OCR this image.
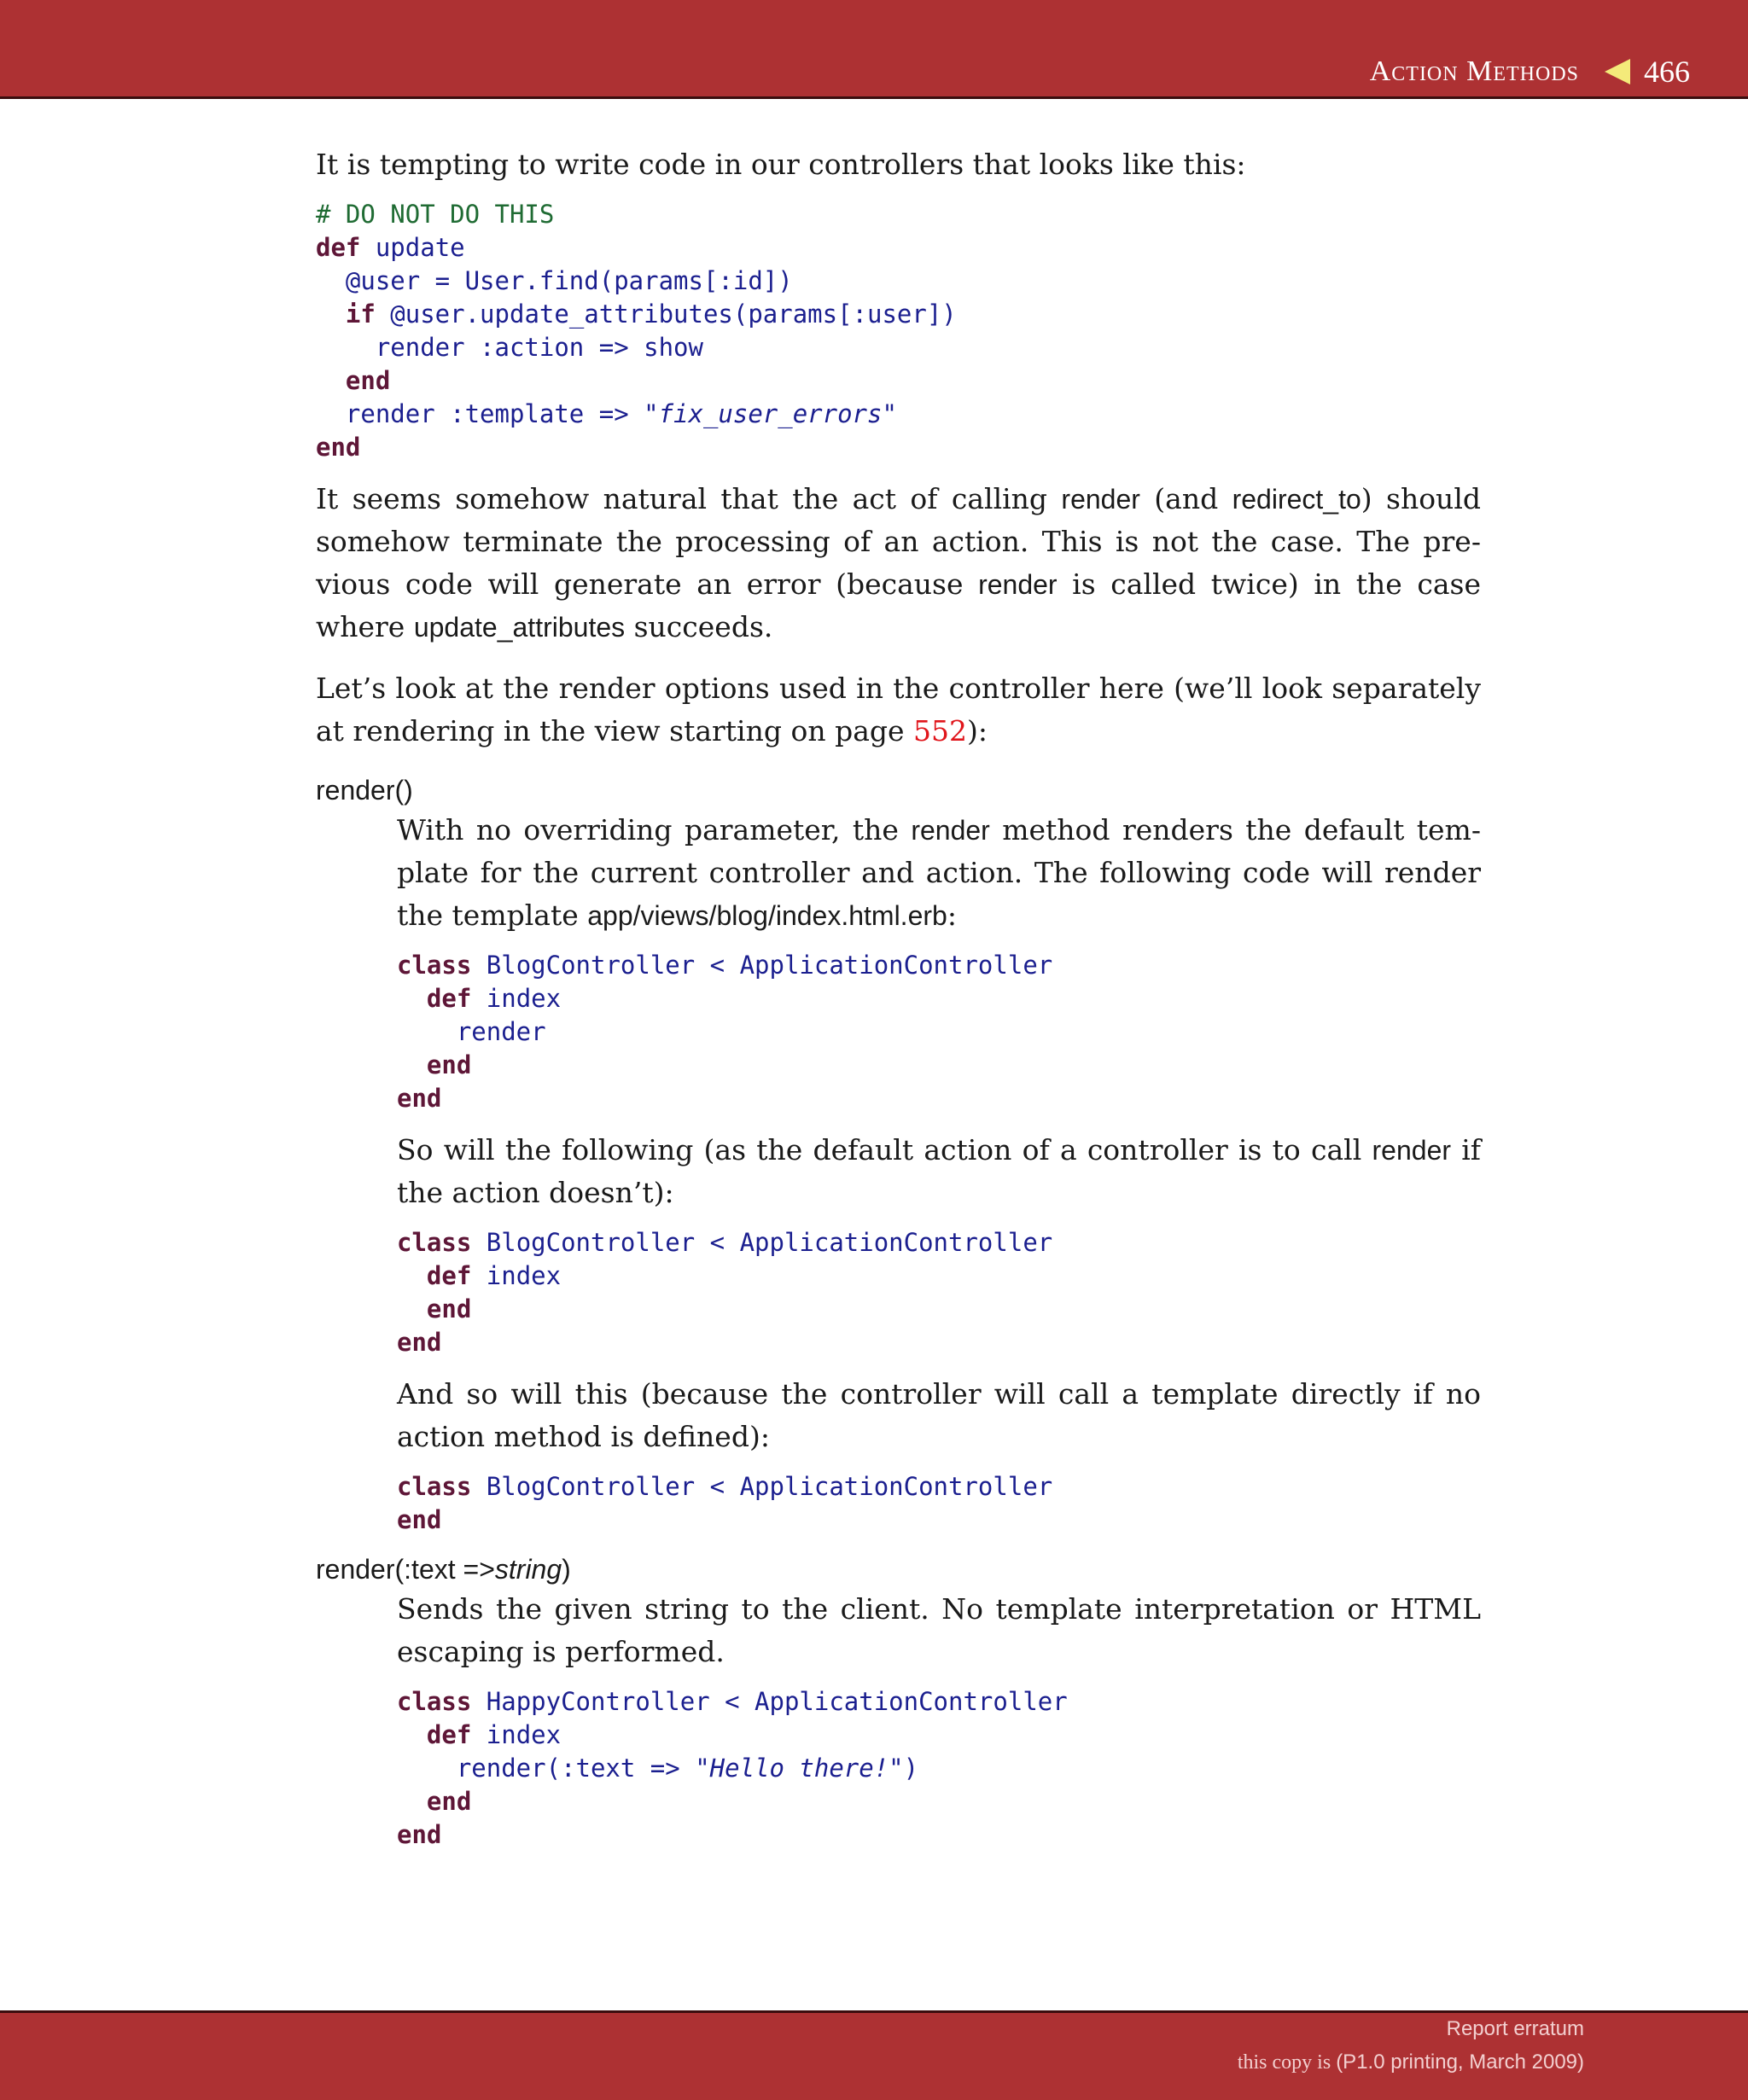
Action Methods 466

It is tempting to write code in our controllers that looks like this:

# DO NOT DO THIS
def update
@user = User.find(params[:id])
if @user.update_attributes(params[:user])
render :action => show
end
render :template => "fix_user_errors"
end

It seems somehow natural that the act of calling render (and redirect_to) should somehow terminate the processing of an action. This is not the case. The previous code will generate an error (because render is called twice) in the case where update_attributes succeeds.

Let’s look at the render options used in the controller here (we’ll look separately at rendering in the view starting on page 552):

render()

With no overriding parameter, the render method renders the default template for the current controller and action. The following code will render the template app/views/blog/index.html.erb:

class BlogController < ApplicationController
def index
render
end
end

So will the following (as the default action of a controller is to call render if the action doesn’t):

class BlogController < ApplicationController
def index
end
end

And so will this (because the controller will call a template directly if no action method is defined):

class BlogController < ApplicationController
end
render(:text =>string)

Sends the given string to the client. No template interpretation or HTML escaping is performed.

class HappyController < ApplicationController
def index
render(:text => "Hello there!")
end
end
Report erratum
this copy is (P1.0 printing, March 2009)
